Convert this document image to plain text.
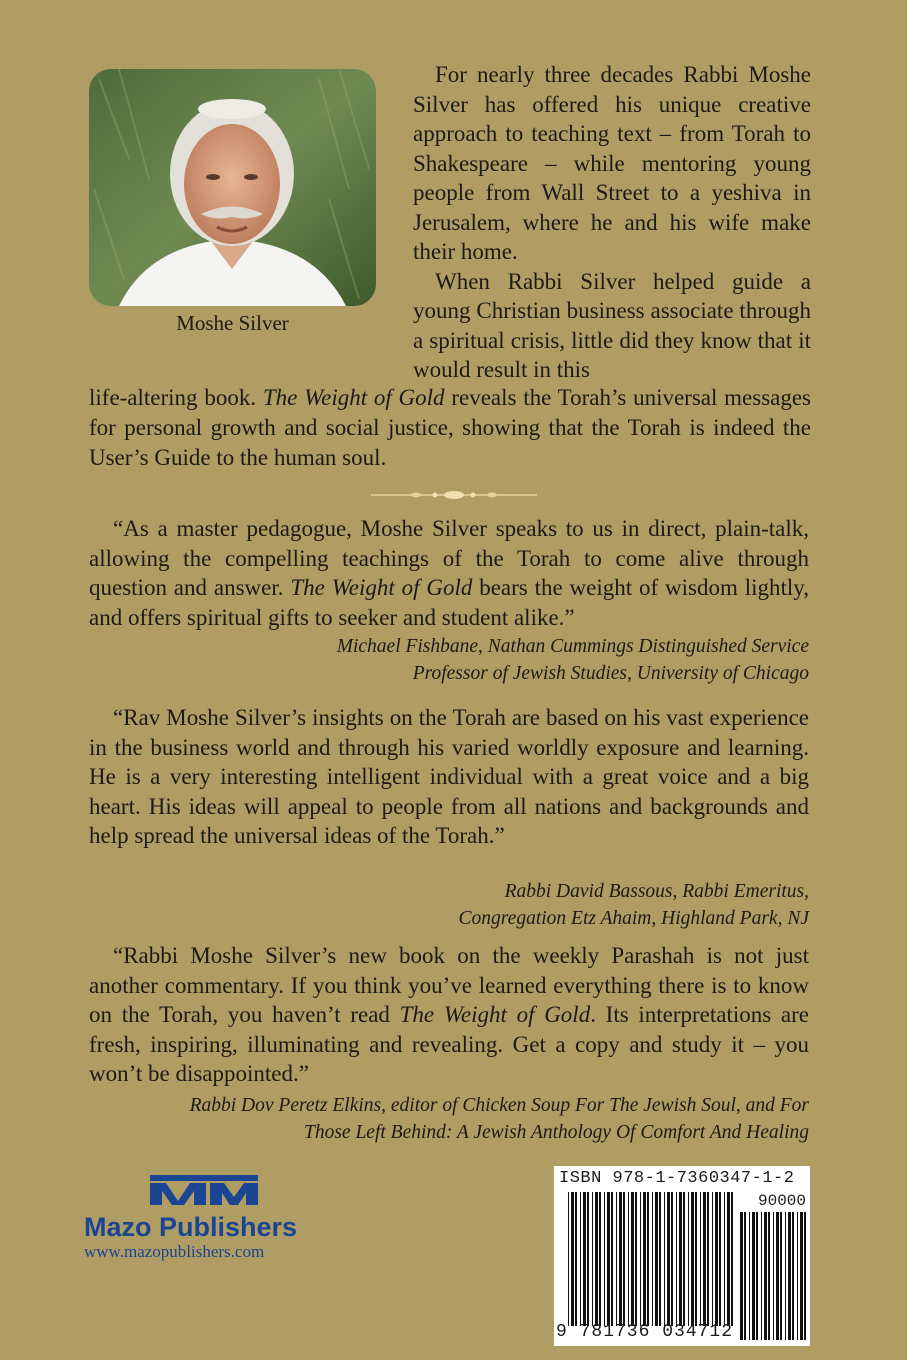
Moshe Silver

For nearly three decades Rabbi Moshe Silver has offered his unique creative approach to teaching text – from Torah to Shakespeare – while mentoring young people from Wall Street to a yeshiva in Jerusalem, where he and his wife make their home.

When Rabbi Silver helped guide a young Christian business associate through a spiritual crisis, little did they know that it would result in this

life-altering book. The Weight of Gold reveals the Torah’s universal messages for personal growth and social justice, showing that the Torah is indeed the User’s Guide to the human soul.

“As a master pedagogue, Moshe Silver speaks to us in direct, plain-talk, allowing the compelling teachings of the Torah to come alive through question and answer. The Weight of Gold bears the weight of wisdom lightly, and offers spiritual gifts to seeker and student alike.”

Michael Fishbane, Nathan Cummings Distinguished Service
Professor of Jewish Studies, University of Chicago

“Rav Moshe Silver’s insights on the Torah are based on his vast experience in the business world and through his varied worldly exposure and learning. He is a very interesting intelligent individual with a great voice and a big heart. His ideas will appeal to people from all nations and backgrounds and help spread the universal ideas of the Torah.”

Rabbi David Bassous, Rabbi Emeritus,
Congregation Etz Ahaim, Highland Park, NJ

“Rabbi Moshe Silver’s new book on the weekly Parashah is not just another commentary. If you think you’ve learned everything there is to know on the Torah, you haven’t read The Weight of Gold. Its interpretations are fresh, inspiring, illuminating and revealing. Get a copy and study it – you won’t be disappointed.”

Rabbi Dov Peretz Elkins, editor of Chicken Soup For The Jewish Soul, and For
Those Left Behind: A Jewish Anthology Of Comfort And Healing
Mazo Publishers
www.mazopublishers.com
ISBN 978-1-7360347-1-2
90000
9 781736 034712
